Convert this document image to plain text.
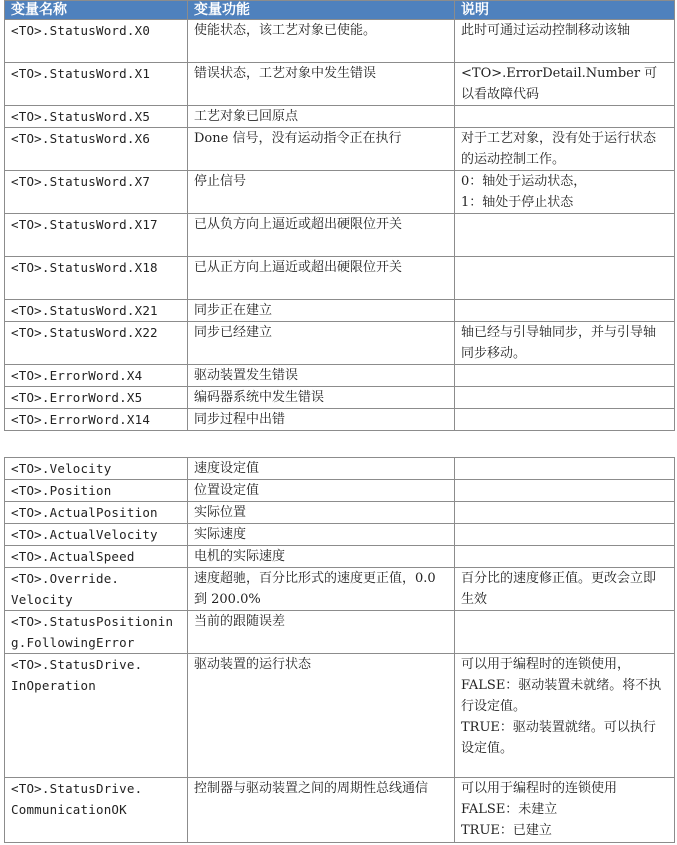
变量名称	变量功能	说明
<TO>.StatusWord.X0	使能状态，该工艺对象已使能。	此时可通过运动控制移动该轴
<TO>.StatusWord.X1	错误状态，工艺对象中发生错误	<TO>.ErrorDetail.Number 可以看故障代码
<TO>.StatusWord.X5	工艺对象已回原点	
<TO>.StatusWord.X6	Done 信号，没有运动指令正在执行	对于工艺对象，没有处于运行状态的运动控制工作。
<TO>.StatusWord.X7	停止信号	0：轴处于运动状态，
1：轴处于停止状态
<TO>.StatusWord.X17	已从负方向上逼近或超出硬限位开关	
<TO>.StatusWord.X18	已从正方向上逼近或超出硬限位开关	
<TO>.StatusWord.X21	同步正在建立	
<TO>.StatusWord.X22	同步已经建立	轴已经与引导轴同步，并与引导轴同步移动。
<TO>.ErrorWord.X4	驱动装置发生错误	
<TO>.ErrorWord.X5	编码器系统中发生错误	
<TO>.ErrorWord.X14	同步过程中出错	
<TO>.Velocity	速度设定值	
<TO>.Position	位置设定值	
<TO>.ActualPosition	实际位置	
<TO>.ActualVelocity	实际速度	
<TO>.ActualSpeed	电机的实际速度	
<TO>.Override.
Velocity	速度超驰，百分比形式的速度更正值，0.0 到 200.0%	百分比的速度修正值。更改会立即生效
<TO>.StatusPositioning.FollowingError	当前的跟随误差	
<TO>.StatusDrive.
InOperation	驱动装置的运行状态	可以用于编程时的连锁使用，
FALSE：驱动装置未就绪。将不执行设定值。
TRUE：驱动装置就绪。可以执行设定值。
<TO>.StatusDrive.
CommunicationOK	控制器与驱动装置之间的周期性总线通信	可以用于编程时的连锁使用
FALSE：未建立
TRUE：已建立
